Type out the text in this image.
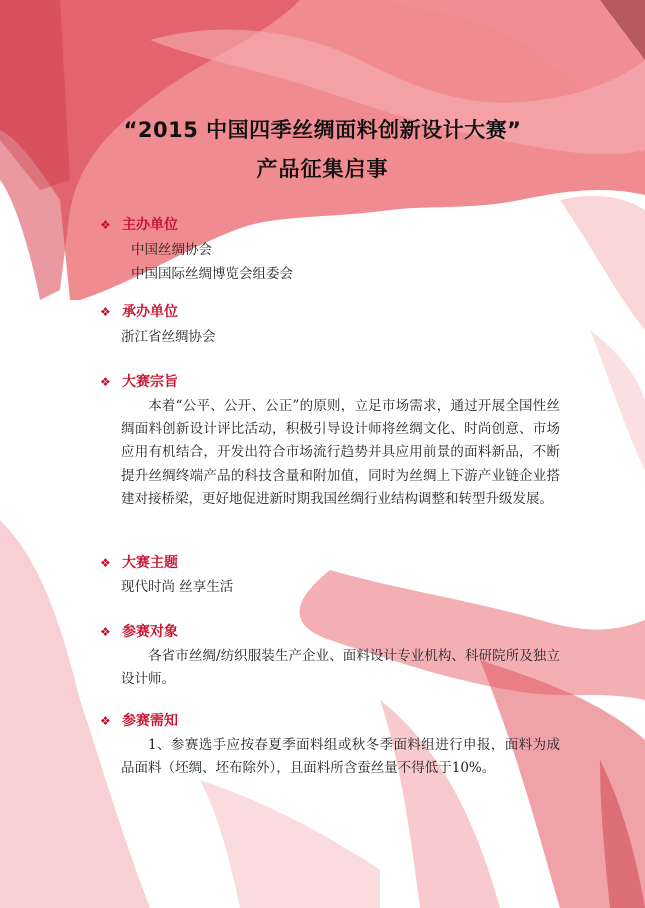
“2015 中国四季丝绸面料创新设计大赛”
产品征集启事
❖ 主办单位
中国丝绸协会
中国国际丝绸博览会组委会
❖ 承办单位
浙江省丝绸协会
❖ 大赛宗旨
本着“公平、公开、公正”的原则，立足市场需求，通过开展全国性丝绸面料创新设计评比活动，积极引导设计师将丝绸文化、时尚创意、市场应用有机结合，开发出符合市场流行趋势并具应用前景的面料新品，不断提升丝绸终端产品的科技含量和附加值，同时为丝绸上下游产业链企业搭建对接桥梁，更好地促进新时期我国丝绸行业结构调整和转型升级发展。
❖ 大赛主题
现代时尚 丝享生活
❖ 参赛对象
各省市丝绸/纺织服装生产企业、面料设计专业机构、科研院所及独立设计师。
❖ 参赛需知
1、参赛选手应按春夏季面料组或秋冬季面料组进行申报，面料为成品面料（坯绸、坯布除外），且面料所含蚕丝量不得低于10%。
